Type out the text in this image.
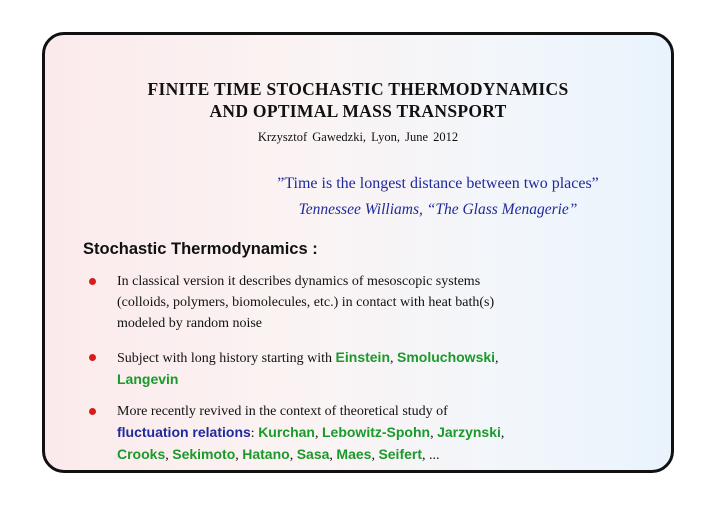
FINITE TIME STOCHASTIC THERMODYNAMICS
AND OPTIMAL MASS TRANSPORT
Krzysztof Gawedzki, Lyon, June 2012
”Time is the longest distance between two places”
Tennessee Williams, “The Glass Menagerie”
Stochastic Thermodynamics :
In classical version it describes dynamics of mesoscopic systems
(colloids, polymers, biomolecules, etc.) in contact with heat bath(s)
modeled by random noise
Subject with long history starting with Einstein, Smoluchowski,
Langevin
More recently revived in the context of theoretical study of
fluctuation relations: Kurchan, Lebowitz-Spohn, Jarzynski,
Crooks, Sekimoto, Hatano, Sasa, Maes, Seifert, ...
